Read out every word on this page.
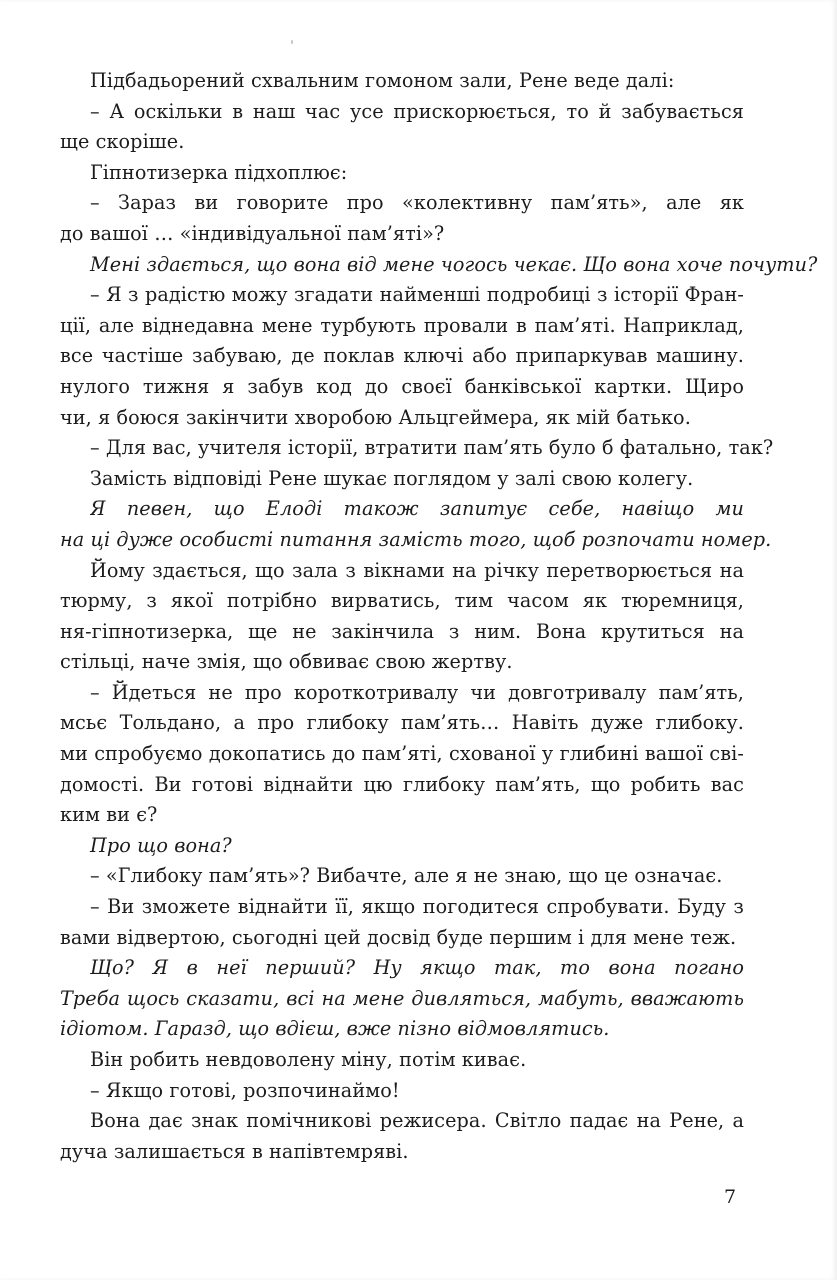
Підбадьорений схвальним гомоном зали, Рене веде далі:
– А оскільки в наш час усе прискорюється, то й забувається
ще скоріше.
Гіпнотизерка підхоплює:
– Зараз ви говорите про «колективну пам’ять», але як
до вашої … «індивідуальної пам’яті»?
Мені здається, що вона від мене чогось чекає. Що вона хоче почути?
– Я з радістю можу згадати найменші подробиці з історії Фран-
ції, але віднедавна мене турбують провали в пам’яті. Наприклад,
все частіше забуваю, де поклав ключі або припаркував машину.
нулого тижня я забув код до своєї банківської картки. Щиро
чи, я боюся закінчити хворобою Альцгеймера, як мій батько.
– Для вас, учителя історії, втратити пам’ять було б фатально, так?
Замість відповіді Рене шукає поглядом у залі свою колегу.
Я певен, що Елоді також запитує себе, навіщо ми
на ці дуже особисті питання замість того, щоб розпочати номер.
Йому здається, що зала з вікнами на річку перетворюється на
тюрму, з якої потрібно вирватись, тим часом як тюремниця,
ня-гіпнотизерка, ще не закінчила з ним. Вона крутиться на
стільці, наче змія, що обвиває свою жертву.
– Йдеться не про короткотривалу чи довготривалу пам’ять,
мсьє Тольдано, а про глибоку пам’ять… Навіть дуже глибоку.
ми спробуємо докопатись до пам’яті, схованої у глибині вашої сві-
домості. Ви готові віднайти цю глибоку пам’ять, що робить вас
ким ви є?
Про що вона?
– «Глибоку пам’ять»? Вибачте, але я не знаю, що це означає.
– Ви зможете віднайти її, якщо погодитеся спробувати. Буду з
вами відвертою, сьогодні цей досвід буде першим і для мене теж.
Що? Я в неї перший? Ну якщо так, то вона погано
Треба щось сказати, всі на мене дивляться, мабуть, вважають
ідіотом. Гаразд, що вдієш, вже пізно відмовлятись.
Він робить невдоволену міну, потім киває.
– Якщо готові, розпочинаймо!
Вона дає знак помічникові режисера. Світло падає на Рене, а
дуча залишається в напівтемряві.
7
